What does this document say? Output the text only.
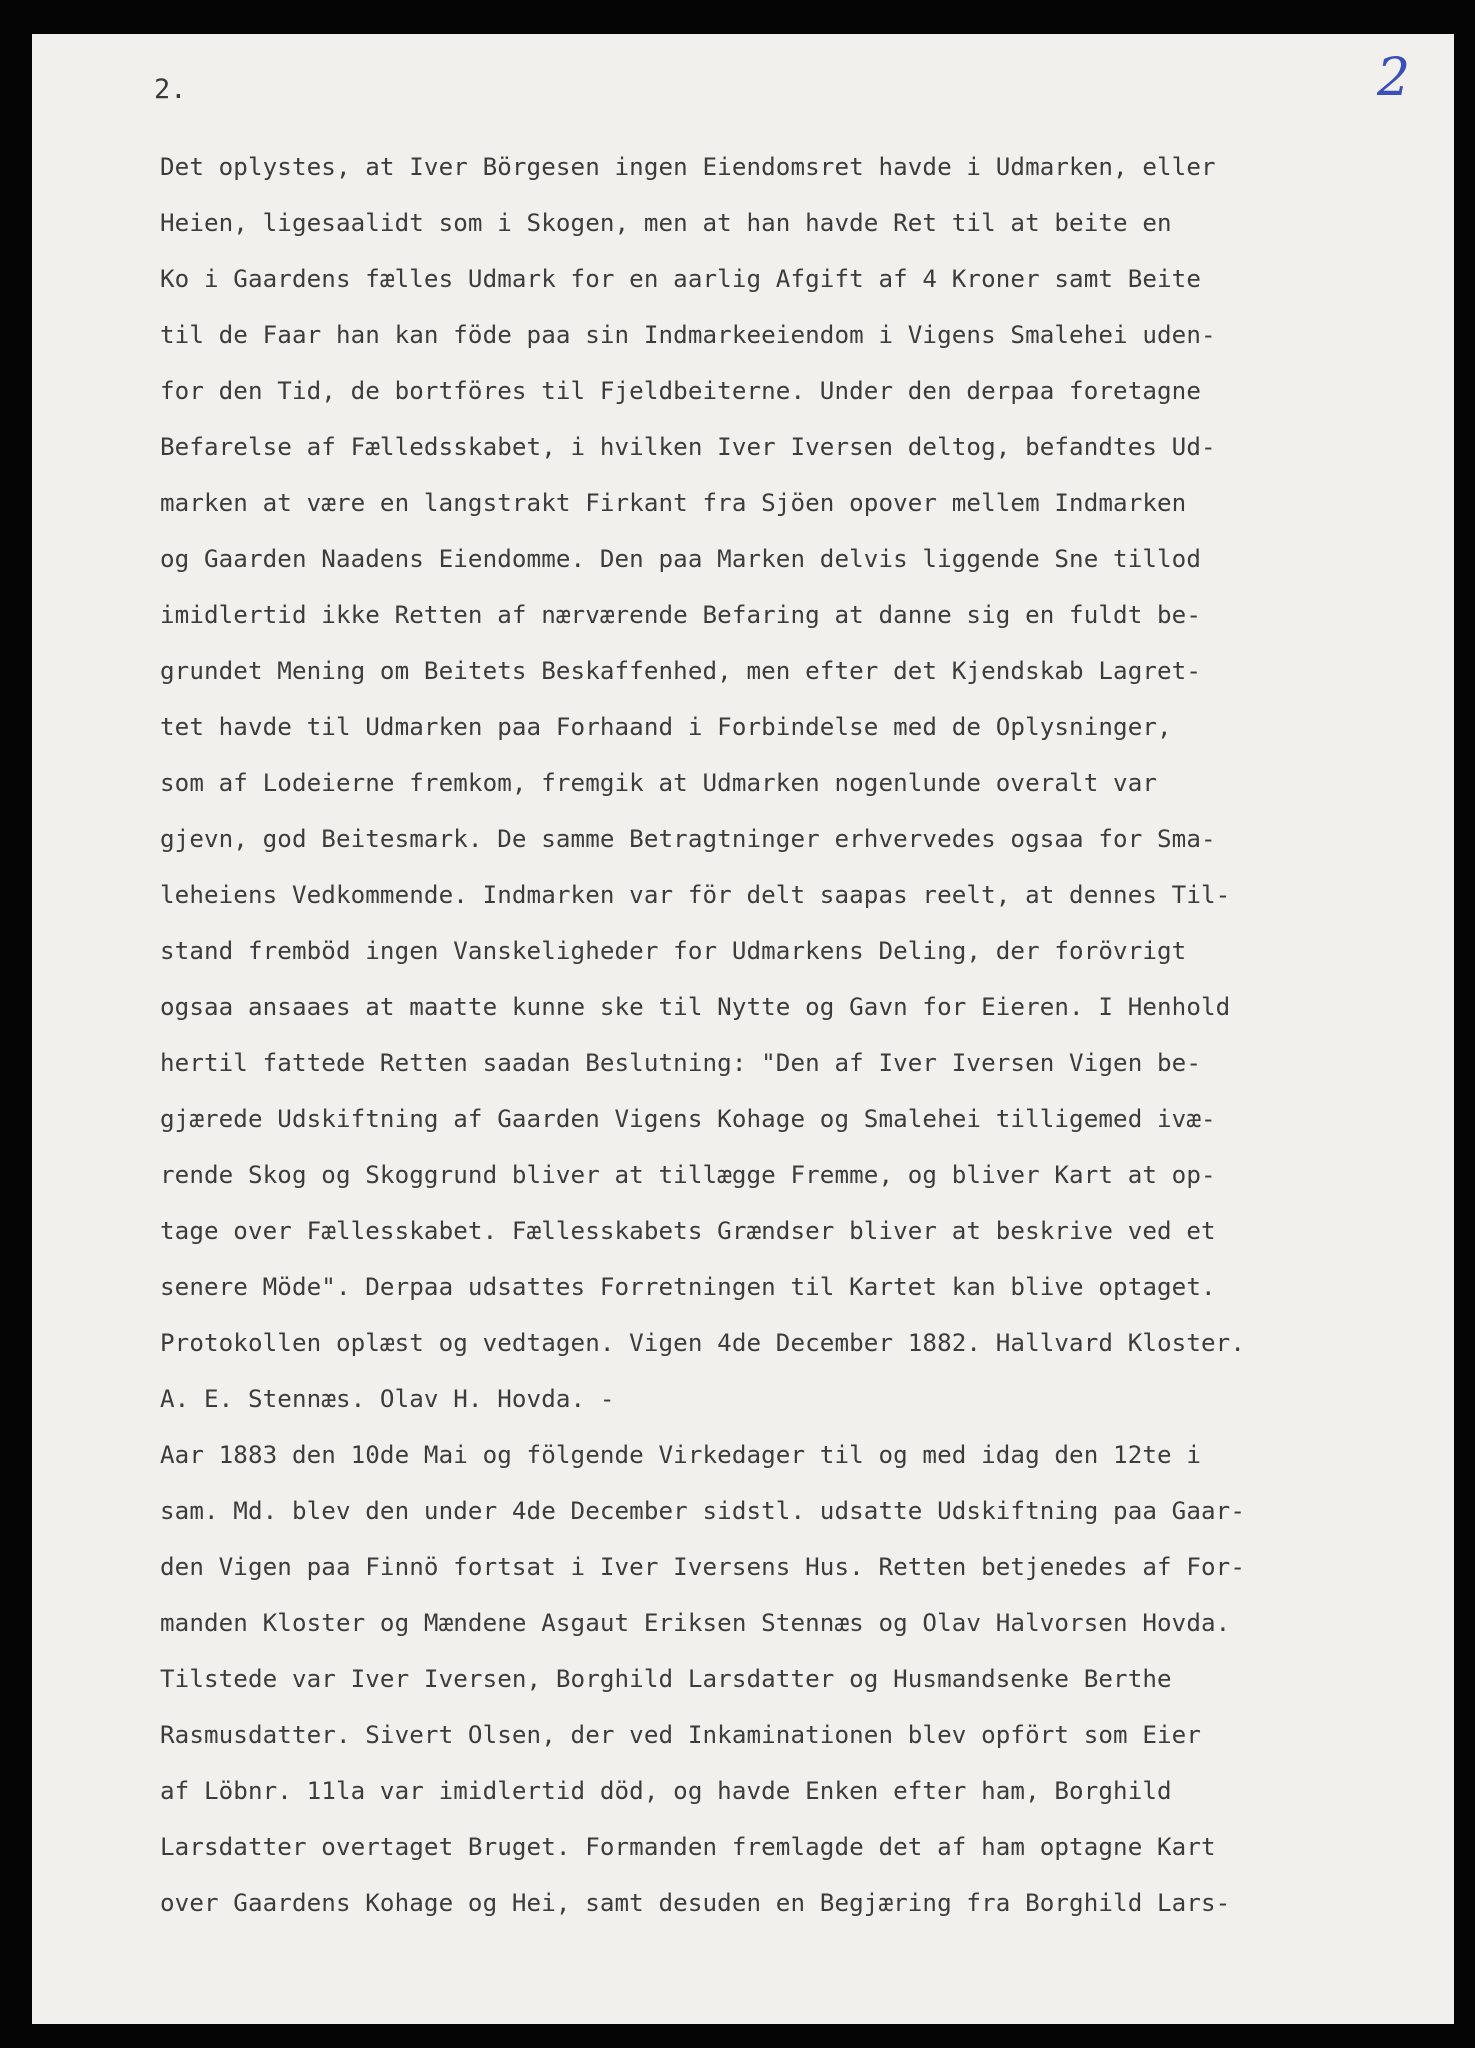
2.	2
Det oplystes, at Iver Börgesen ingen Eiendomsret havde i Udmarken, eller
Heien, ligesaalidt som i Skogen, men at han havde Ret til at beite en
Ko i Gaardens fælles Udmark for en aarlig Afgift af 4 Kroner samt Beite
til de Faar han kan föde paa sin Indmarkeeiendom i Vigens Smalehei uden-
for den Tid, de bortföres til Fjeldbeiterne. Under den derpaa foretagne
Befarelse af Fælledsskabet, i hvilken Iver Iversen deltog, befandtes Ud-
marken at være en langstrakt Firkant fra Sjöen opover mellem Indmarken
og Gaarden Naadens Eiendomme. Den paa Marken delvis liggende Sne tillod
imidlertid ikke Retten af nærværende Befaring at danne sig en fuldt be-
grundet Mening om Beitets Beskaffenhed, men efter det Kjendskab Lagret-
tet havde til Udmarken paa Forhaand i Forbindelse med de Oplysninger,
som af Lodeierne fremkom, fremgik at Udmarken nogenlunde overalt var
gjevn, god Beitesmark. De samme Betragtninger erhvervedes ogsaa for Sma-
leheiens Vedkommende. Indmarken var för delt saapas reelt, at dennes Til-
stand fremböd ingen Vanskeligheder for Udmarkens Deling, der forövrigt
ogsaa ansaaes at maatte kunne ske til Nytte og Gavn for Eieren. I Henhold
hertil fattede Retten saadan Beslutning: "Den af Iver Iversen Vigen be-
gjærede Udskiftning af Gaarden Vigens Kohage og Smalehei tilligemed ivæ-
rende Skog og Skoggrund bliver at tillægge Fremme, og bliver Kart at op-
tage over Fællesskabet. Fællesskabets Grændser bliver at beskrive ved et
senere Möde". Derpaa udsattes Forretningen til Kartet kan blive optaget.
Protokollen oplæst og vedtagen. Vigen 4de December 1882. Hallvard Kloster.
A. E. Stennæs. Olav H. Hovda. -
Aar 1883 den 10de Mai og fölgende Virkedager til og med idag den 12te i
sam. Md. blev den under 4de December sidstl. udsatte Udskiftning paa Gaar-
den Vigen paa Finnö fortsat i Iver Iversens Hus. Retten betjenedes af For-
manden Kloster og Mændene Asgaut Eriksen Stennæs og Olav Halvorsen Hovda.
Tilstede var Iver Iversen, Borghild Larsdatter og Husmandsenke Berthe
Rasmusdatter. Sivert Olsen, der ved Inkaminationen blev opfört som Eier
af Löbnr. 11la var imidlertid död, og havde Enken efter ham, Borghild
Larsdatter overtaget Bruget. Formanden fremlagde det af ham optagne Kart
over Gaardens Kohage og Hei, samt desuden en Begjæring fra Borghild Lars-
